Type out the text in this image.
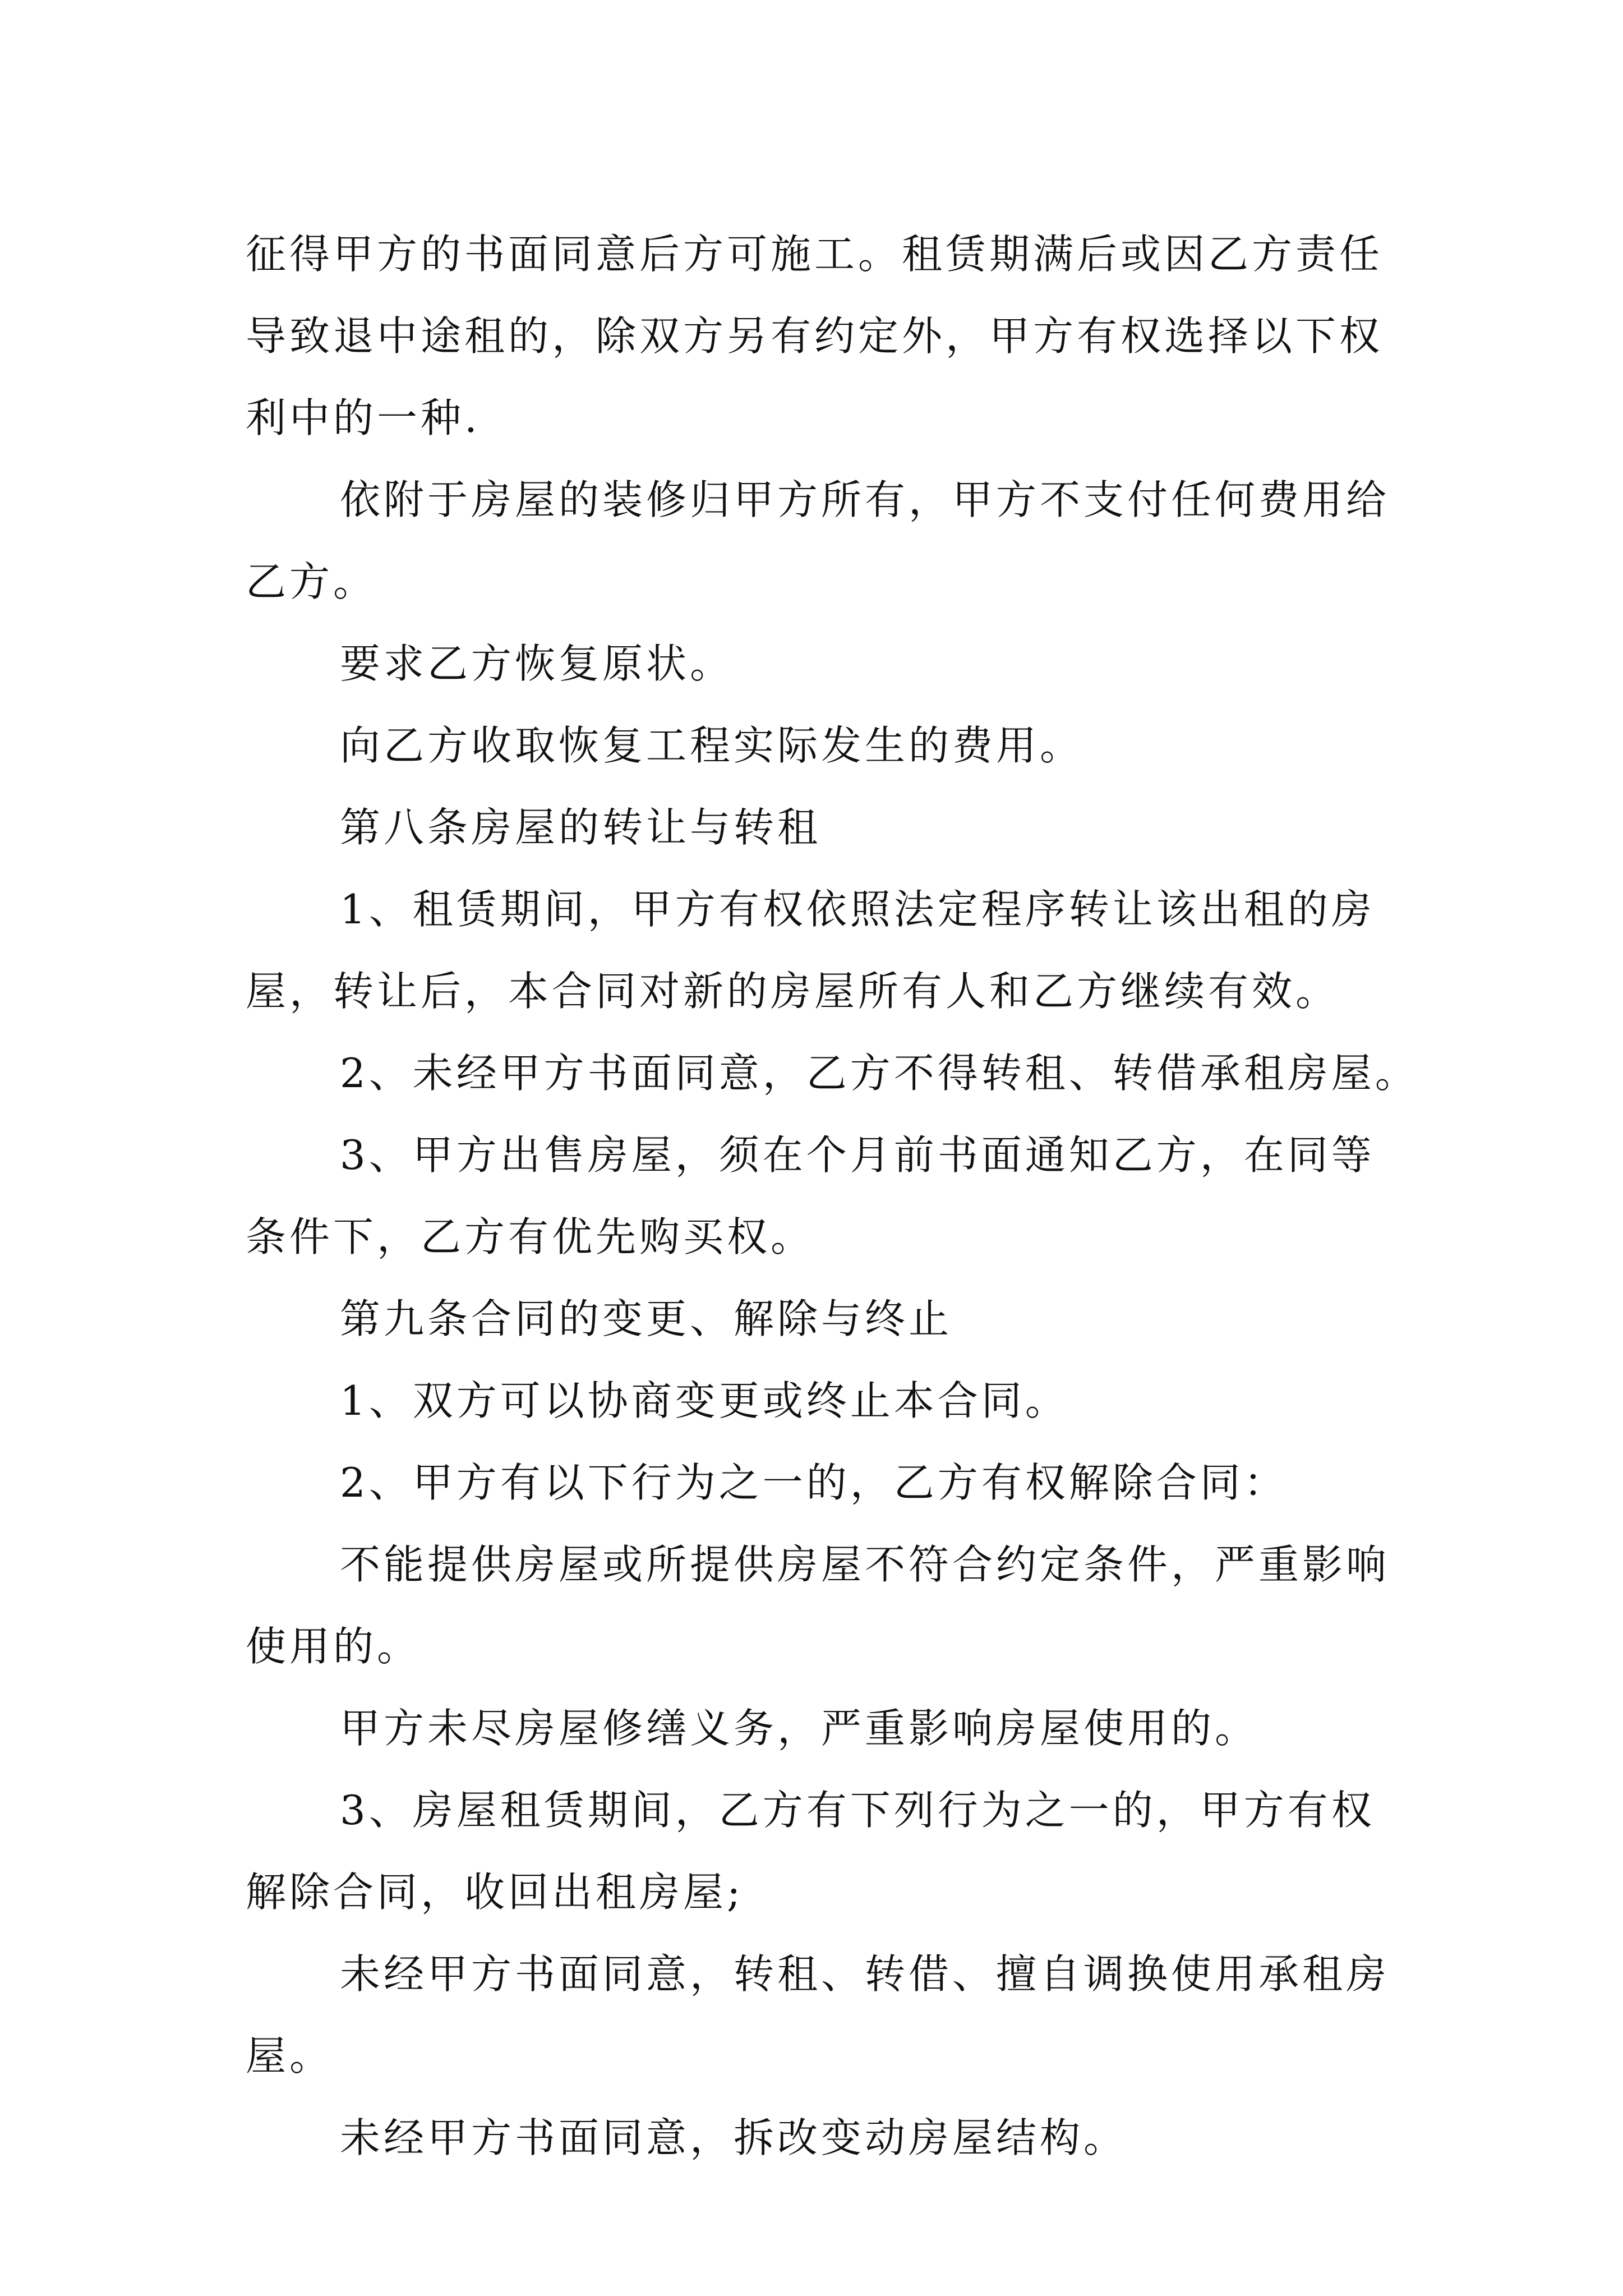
征得甲方的书面同意后方可施工。租赁期满后或因乙方责任

导致退中途租的，除双方另有约定外，甲方有权选择以下权

利中的一种.

依附于房屋的装修归甲方所有，甲方不支付任何费用给

乙方。

要求乙方恢复原状。

向乙方收取恢复工程实际发生的费用。

第八条房屋的转让与转租

1、租赁期间，甲方有权依照法定程序转让该出租的房

屋，转让后，本合同对新的房屋所有人和乙方继续有效。

2、未经甲方书面同意，乙方不得转租、转借承租房屋。

3、甲方出售房屋，须在个月前书面通知乙方，在同等

条件下，乙方有优先购买权。

第九条合同的变更、解除与终止

1、双方可以协商变更或终止本合同。

2、甲方有以下行为之一的，乙方有权解除合同：

不能提供房屋或所提供房屋不符合约定条件，严重影响

使用的。

甲方未尽房屋修缮义务，严重影响房屋使用的。

3、房屋租赁期间，乙方有下列行为之一的，甲方有权

解除合同，收回出租房屋;

未经甲方书面同意，转租、转借、擅自调换使用承租房

屋。

未经甲方书面同意，拆改变动房屋结构。
